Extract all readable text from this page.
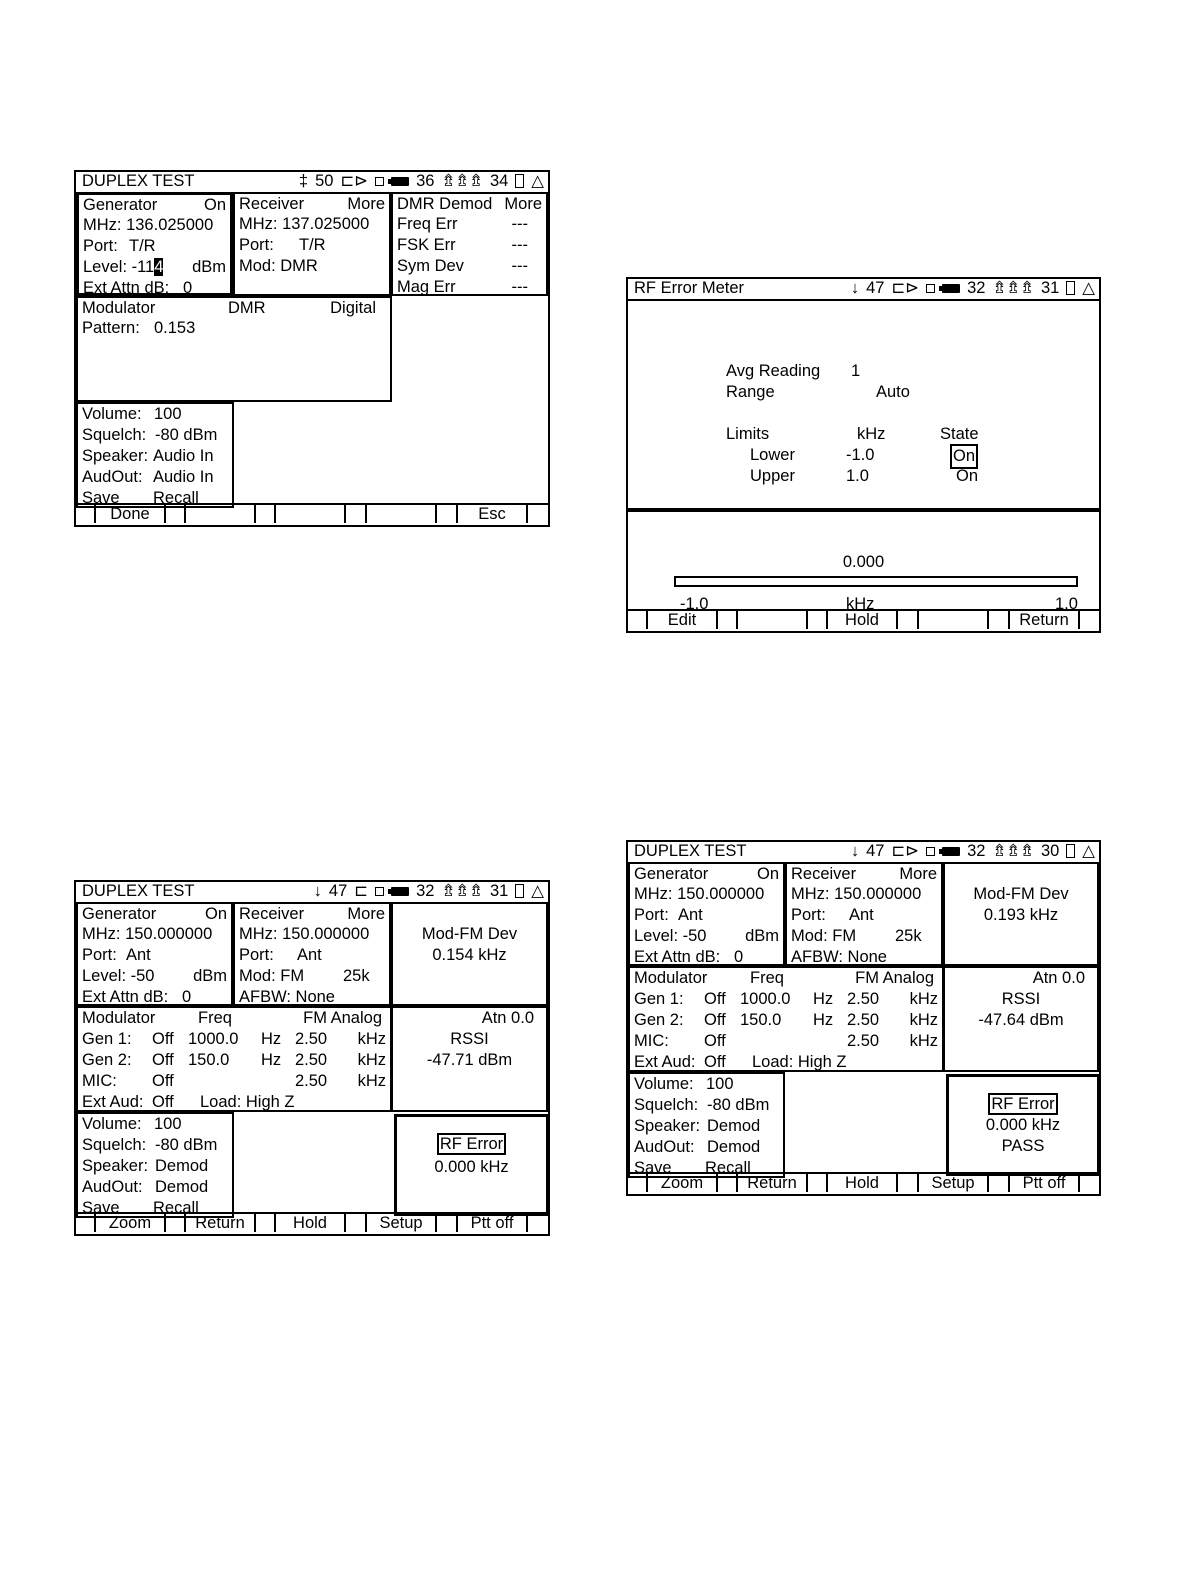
DUPLEX TEST	‡ 50 ⊏⊳	36 ⇯⇯⇯ 34 △
Generator	On
MHz: 136.025000
Port: T/R
Level: -114 dBm
Ext Attn dB: 0
Receiver	More
MHz: 137.025000
Port: T/R
Mod: DMR
DMR Demod More
Freq Err	---
FSK Err	---
Sym Dev	---
Mag Err	---
Modulator	DMR	Digital
Pattern: 0.153
Volume: 100
Squelch: -80 dBm
Speaker: Audio In
AudOut: Audio In
Save Recall
Done	Esc
RF Error Meter	↓ 47 ⊏⊳	32 ⇯⇯⇯ 31 △
Avg Reading 1
Range	Auto
Limits	kHz	State
Lower	-1.0	On
Upper	1.0	On
0.000
-1.0	kHz	1.0
Edit	Hold	Return
DUPLEX TEST	↓ 47 ⊏	32 ⇯⇯⇯ 31 △
Generator	On
MHz: 150.000000
Port: Ant
Level: -50 dBm
Ext Attn dB: 0
Receiver	More
MHz: 150.000000
Port: Ant
Mod: FM 25k
AFBW: None
Mod-FM Dev
0.154 kHz
Modulator	Freq	FM Analog
Gen 1: Off 1000.0 Hz 2.50 kHz
Gen 2: Off 150.0 Hz 2.50 kHz
MIC: Off	2.50 kHz
Ext Aud: Off Load: High Z
Atn 0.0
RSSI
-47.71 dBm
Volume: 100
Squelch: -80 dBm
Speaker: Demod
AudOut: Demod
Save Recall
RF Error
0.000 kHz
Zoom	Return	Hold	Setup	Ptt off
DUPLEX TEST	↓ 47 ⊏⊳	32 ⇯⇯⇯ 30 △
Generator	On
MHz: 150.000000
Port: Ant
Level: -50 dBm
Ext Attn dB: 0
Receiver	More
MHz: 150.000000
Port: Ant
Mod: FM 25k
AFBW: None
Mod-FM Dev
0.193 kHz
Modulator	Freq	FM Analog
Gen 1: Off 1000.0 Hz 2.50 kHz
Gen 2: Off 150.0 Hz 2.50 kHz
MIC: Off	2.50 kHz
Ext Aud: Off Load: High Z
Atn 0.0
RSSI
-47.64 dBm
Volume: 100
Squelch: -80 dBm
Speaker: Demod
AudOut: Demod
Save Recall
RF Error
0.000 kHz
PASS
Zoom	Return	Hold	Setup	Ptt off
